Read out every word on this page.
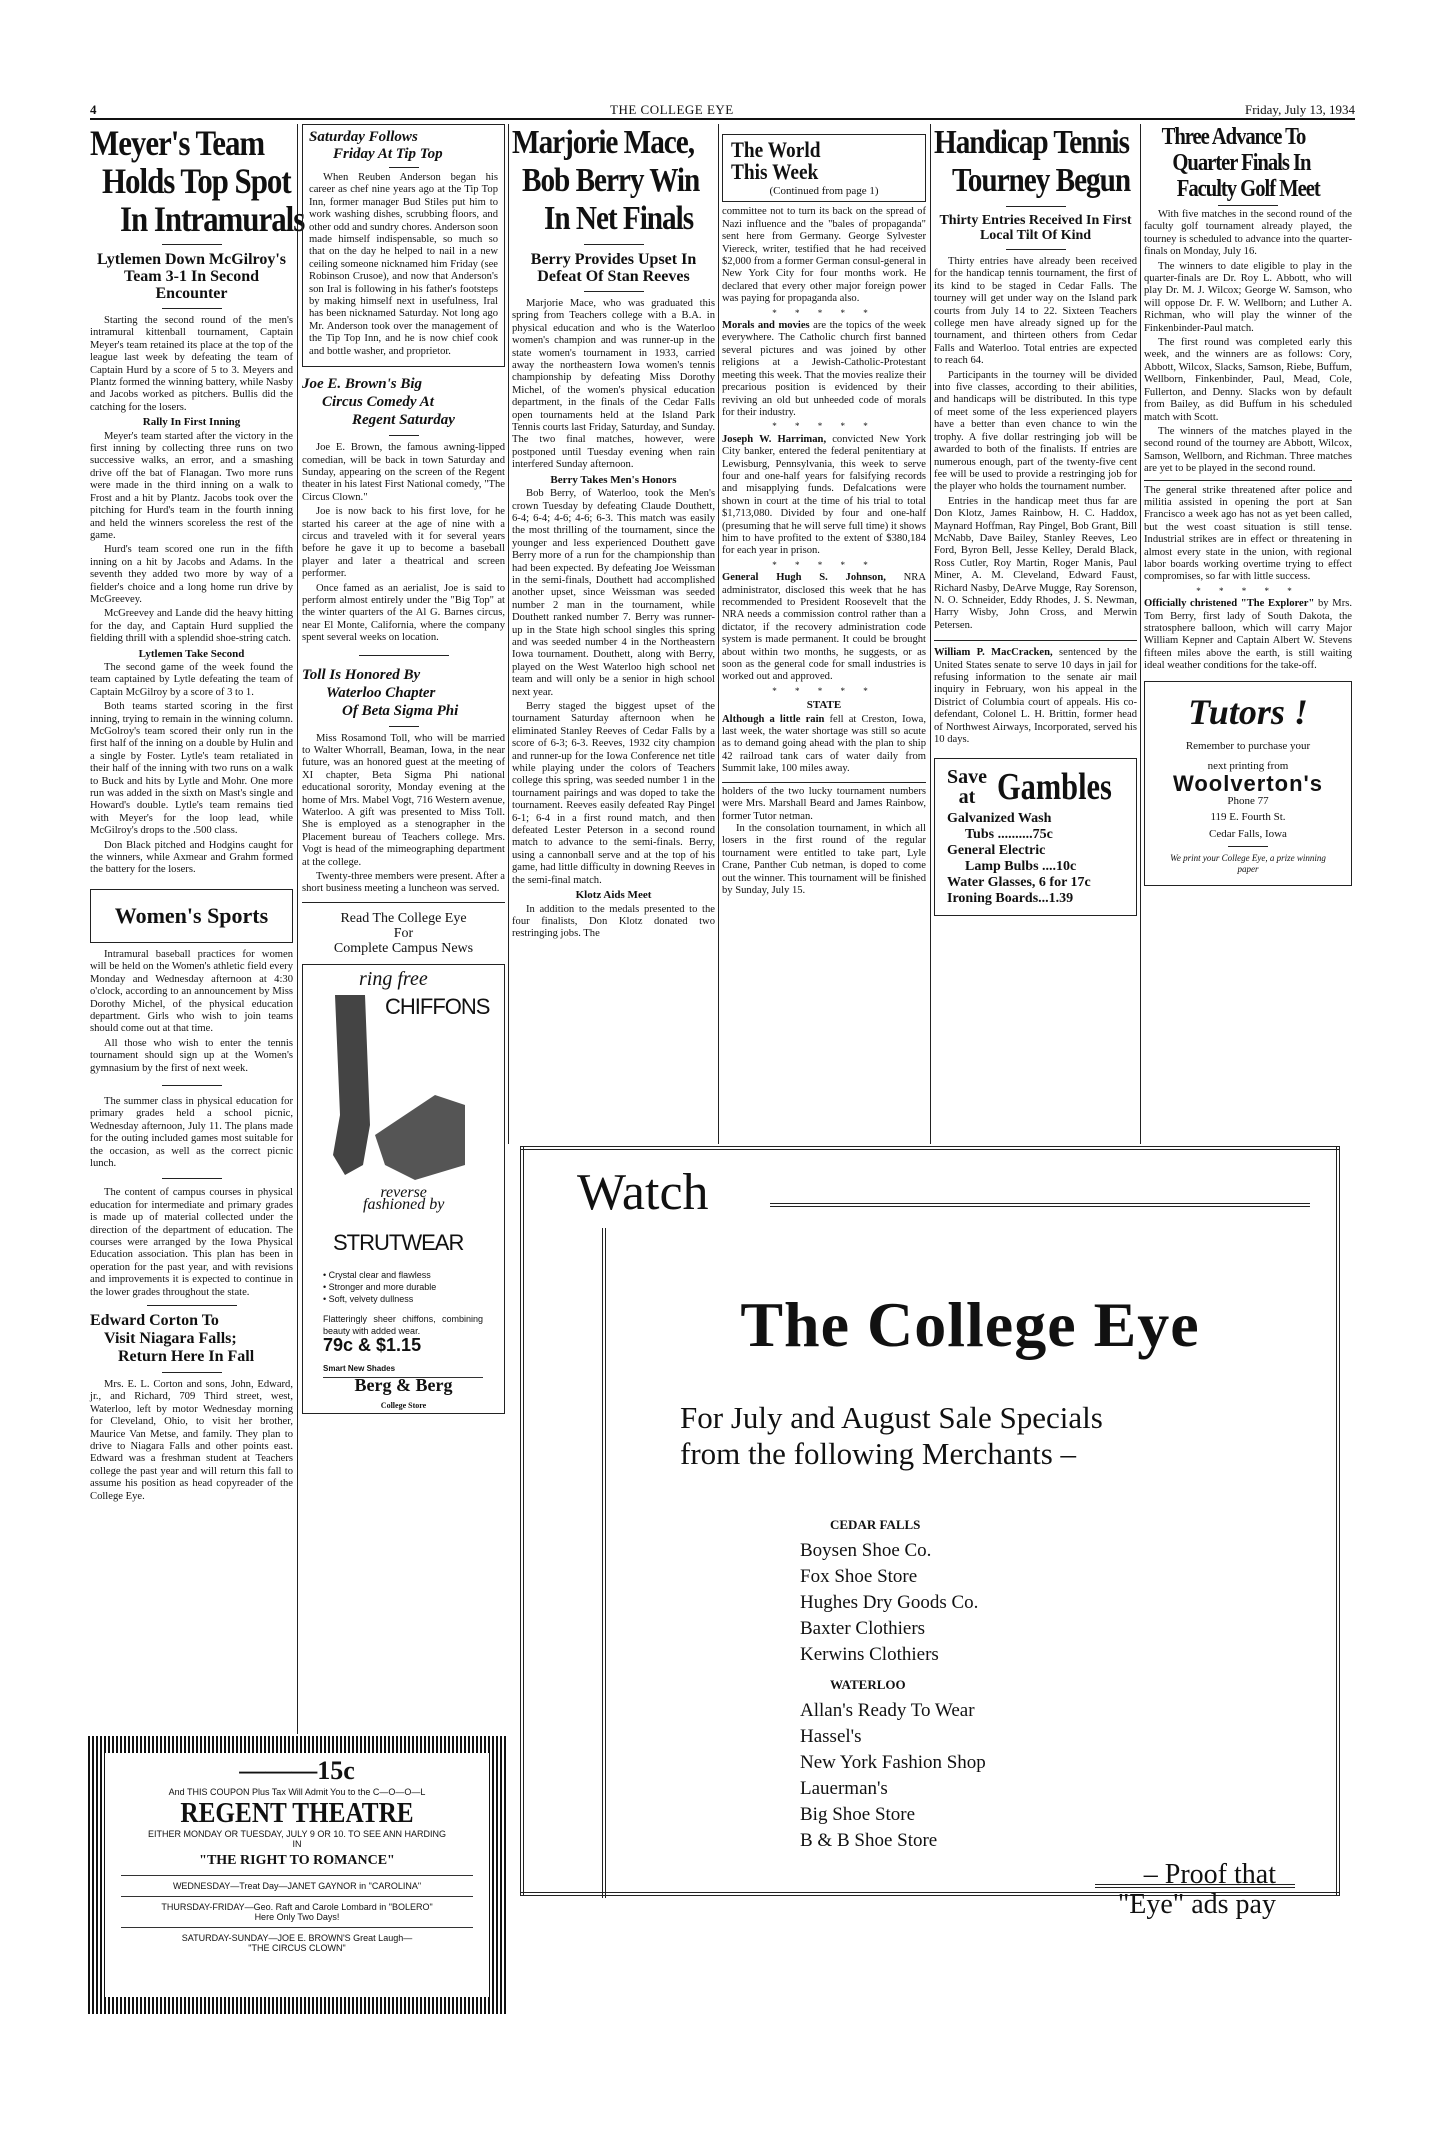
4	THE COLLEGE EYE	Friday, July 13, 1934
Meyer's Team
Holds Top Spot
In Intramurals
Lytlemen Down McGilroy's Team 3-1 In Second Encounter

Starting the second round of the men's intramural kittenball tournament, Captain Meyer's team retained its place at the top of the league last week by defeating the team of Captain Hurd by a score of 5 to 3. Meyers and Plantz formed the winning battery, while Nasby and Jacobs worked as pitchers. Bullis did the catching for the losers.

Rally In First Inning

Meyer's team started after the victory in the first inning by collecting three runs on two successive walks, an error, and a smashing drive off the bat of Flanagan. Two more runs were made in the third inning on a walk to Frost and a hit by Plantz. Jacobs took over the pitching for Hurd's team in the fourth inning and held the winners scoreless the rest of the game.

Hurd's team scored one run in the fifth inning on a hit by Jacobs and Adams. In the seventh they added two more by way of a fielder's choice and a long home run drive by McGreevey.

McGreevey and Lande did the heavy hitting for the day, and Captain Hurd supplied the fielding thrill with a splendid shoe-string catch.

Lytlemen Take Second

The second game of the week found the team captained by Lytle defeating the team of Captain McGilroy by a score of 3 to 1.

Both teams started scoring in the first inning, trying to remain in the winning column. McGolroy's team scored their only run in the first half of the inning on a double by Hulin and a single by Foster. Lytle's team retaliated in their half of the inning with two runs on a walk to Buck and hits by Lytle and Mohr. One more run was added in the sixth on Mast's single and Howard's double. Lytle's team remains tied with Meyer's for the loop lead, while McGilroy's drops to the .500 class.

Don Black pitched and Hodgins caught for the winners, while Axmear and Grahm formed the battery for the losers.

Women's Sports

Intramural baseball practices for women will be held on the Women's athletic field every Monday and Wednesday afternoon at 4:30 o'clock, according to an announcement by Miss Dorothy Michel, of the physical education department. Girls who wish to join teams should come out at that time.

All those who wish to enter the tennis tournament should sign up at the Women's gymnasium by the first of next week.

The summer class in physical education for primary grades held a school picnic, Wednesday afternoon, July 11. The plans made for the outing included games most suitable for the occasion, as well as the correct picnic lunch.

The content of campus courses in physical education for intermediate and primary grades is made up of material collected under the direction of the department of education. The courses were arranged by the Iowa Physical Education association. This plan has been in operation for the past year, and with revisions and improvements it is expected to continue in the lower grades throughout the state.

Edward Corton To
Visit Niagara Falls;
Return Here In Fall

Mrs. E. L. Corton and sons, John, Edward, jr., and Richard, 709 Third street, west, Waterloo, left by motor Wednesday morning for Cleveland, Ohio, to visit her brother, Maurice Van Metse, and family. They plan to drive to Niagara Falls and other points east. Edward was a freshman student at Teachers college the past year and will return this fall to assume his position as head copyreader of the College Eye.

Saturday Follows
Friday At Tip Top

When Reuben Anderson began his career as chef nine years ago at the Tip Top Inn, former manager Bud Stiles put him to work washing dishes, scrubbing floors, and other odd and sundry chores. Anderson soon made himself indispensable, so much so that on the day he helped to nail in a new ceiling someone nicknamed him Friday (see Robinson Crusoe), and now that Anderson's son Iral is following in his father's footsteps by making himself next in usefulness, Iral has been nicknamed Saturday. Not long ago Mr. Anderson took over the management of the Tip Top Inn, and he is now chief cook and bottle washer, and proprietor.

Joe E. Brown's Big
Circus Comedy At
Regent Saturday

Joe E. Brown, the famous awning-lipped comedian, will be back in town Saturday and Sunday, appearing on the screen of the Regent theater in his latest First National comedy, "The Circus Clown."

Joe is now back to his first love, for he started his career at the age of nine with a circus and traveled with it for several years before he gave it up to become a baseball player and later a theatrical and screen performer.

Once famed as an aerialist, Joe is said to perform almost entirely under the "Big Top" at the winter quarters of the Al G. Barnes circus, near El Monte, California, where the company spent several weeks on location.

Toll Is Honored By
Waterloo Chapter
Of Beta Sigma Phi

Miss Rosamond Toll, who will be married to Walter Whorrall, Beaman, Iowa, in the near future, was an honored guest at the meeting of XI chapter, Beta Sigma Phi national educational sorority, Monday evening at the home of Mrs. Mabel Vogt, 716 Western avenue, Waterloo. A gift was presented to Miss Toll. She is employed as a stenographer in the Placement bureau of Teachers college. Mrs. Vogt is head of the mimeographing department at the college.

Twenty-three members were present. After a short business meeting a luncheon was served.

Read The College Eye
For
Complete Campus News
ring free
CHIFFONS
reverse
fashioned by
STRUTWEAR
• Crystal clear and flawless
• Stronger and more durable
• Soft, velvety dullness
Flatteringly sheer chiffons, combining beauty with added wear.
79c & $1.15
Smart New Shades
Berg & Berg
College Store
Marjorie Mace,
Bob Berry Win
In Net Finals
Berry Provides Upset In Defeat Of Stan Reeves

Marjorie Mace, who was graduated this spring from Teachers college with a B.A. in physical education and who is the Waterloo women's champion and was runner-up in the state women's tournament in 1933, carried away the northeastern Iowa women's tennis championship by defeating Miss Dorothy Michel, of the women's physical education department, in the finals of the Cedar Falls open tournaments held at the Island Park Tennis courts last Friday, Saturday, and Sunday. The two final matches, however, were postponed until Tuesday evening when rain interfered Sunday afternoon.

Berry Takes Men's Honors

Bob Berry, of Waterloo, took the Men's crown Tuesday by defeating Claude Douthett, 6-4; 6-4; 4-6; 4-6; 6-3. This match was easily the most thrilling of the tournament, since the younger and less experienced Douthett gave Berry more of a run for the championship than had been expected. By defeating Joe Weissman in the semi-finals, Douthett had accomplished another upset, since Weissman was seeded number 2 man in the tournament, while Douthett ranked number 7. Berry was runner-up in the State high school singles this spring and was seeded number 4 in the Northeastern Iowa tournament. Douthett, along with Berry, played on the West Waterloo high school net team and will only be a senior in high school next year.

Berry staged the biggest upset of the tournament Saturday afternoon when he eliminated Stanley Reeves of Cedar Falls by a score of 6-3; 6-3. Reeves, 1932 city champion and runner-up for the Iowa Conference net title while playing under the colors of Teachers college this spring, was seeded number 1 in the tournament pairings and was doped to take the tournament. Reeves easily defeated Ray Pingel 6-1; 6-4 in a first round match, and then defeated Lester Peterson in a second round match to advance to the semi-finals. Berry, using a cannonball serve and at the top of his game, had little difficulty in downing Reeves in the semi-final match.

Klotz Aids Meet

In addition to the medals presented to the four finalists, Don Klotz donated two restringing jobs. The

The World
This Week
(Continued from page 1)

committee not to turn its back on the spread of Nazi influence and the "bales of propaganda" sent here from Germany. George Sylvester Viereck, writer, testified that he had received $2,000 from a former German consul-general in New York City for four months work. He declared that every other major foreign power was paying for propaganda also.

* * * * *

Morals and movies are the topics of the week everywhere. The Catholic church first banned several pictures and was joined by other religions at a Jewish-Catholic-Protestant meeting this week. That the movies realize their precarious position is evidenced by their reviving an old but unheeded code of morals for their industry.

* * * * *

Joseph W. Harriman, convicted New York City banker, entered the federal penitentiary at Lewisburg, Pennsylvania, this week to serve four and one-half years for falsifying records and misapplying funds. Defalcations were shown in court at the time of his trial to total $1,713,080. Divided by four and one-half (presuming that he will serve full time) it shows him to have profited to the extent of $380,184 for each year in prison.

* * * * *

General Hugh S. Johnson, NRA administrator, disclosed this week that he has recommended to President Roosevelt that the NRA needs a commission control rather than a dictator, if the recovery administration code system is made permanent. It could be brought about within two months, he suggests, or as soon as the general code for small industries is worked out and approved.

* * * * *
STATE

Although a little rain fell at Creston, Iowa, last week, the water shortage was still so acute as to demand going ahead with the plan to ship 42 railroad tank cars of water daily from Summit lake, 100 miles away.

holders of the two lucky tournament numbers were Mrs. Marshall Beard and James Rainbow, former Tutor netman.

In the consolation tournament, in which all losers in the first round of the regular tournament were entitled to take part, Lyle Crane, Panther Cub netman, is doped to come out the winner. This tournament will be finished by Sunday, July 15.

Handicap Tennis
Tourney Begun
Thirty Entries Received In First Local Tilt Of Kind

Thirty entries have already been received for the handicap tennis tournament, the first of its kind to be staged in Cedar Falls. The tourney will get under way on the Island park courts from July 14 to 22. Sixteen Teachers college men have already signed up for the tournament, and thirteen others from Cedar Falls and Waterloo. Total entries are expected to reach 64.

Participants in the tourney will be divided into five classes, according to their abilities, and handicaps will be distributed. In this type of meet some of the less experienced players have a better than even chance to win the trophy. A five dollar restringing job will be awarded to both of the finalists. If entries are numerous enough, part of the twenty-five cent fee will be used to provide a restringing job for the player who holds the tournament number.

Entries in the handicap meet thus far are Don Klotz, James Rainbow, H. C. Haddox, Maynard Hoffman, Ray Pingel, Bob Grant, Bill McNabb, Dave Bailey, Stanley Reeves, Leo Ford, Byron Bell, Jesse Kelley, Derald Black, Ross Cutler, Roy Martin, Roger Manis, Paul Miner, A. M. Cleveland, Edward Faust, Richard Nasby, DeArve Mugge, Ray Sorenson, N. O. Schneider, Eddy Rhodes, J. S. Newman, Harry Wisby, John Cross, and Merwin Petersen.

William P. MacCracken, sentenced by the United States senate to serve 10 days in jail for refusing information to the senate air mail inquiry in February, won his appeal in the District of Columbia court of appeals. His co-defendant, Colonel L. H. Brittin, former head of Northwest Airways, Incorporated, served his 10 days.

Save
at Gambles
Galvanized Wash
Tubs ..........75c
General Electric
Lamp Bulbs ....10c
Water Glasses, 6 for 17c
Ironing Boards...1.39
Three Advance To
Quarter Finals In
Faculty Golf Meet

With five matches in the second round of the faculty golf tournament already played, the tourney is scheduled to advance into the quarter-finals on Monday, July 16.

The winners to date eligible to play in the quarter-finals are Dr. Roy L. Abbott, who will play Dr. M. J. Wilcox; George W. Samson, who will oppose Dr. F. W. Wellborn; and Luther A. Richman, who will play the winner of the Finkenbinder-Paul match.

The first round was completed early this week, and the winners are as follows: Cory, Abbott, Wilcox, Slacks, Samson, Riebe, Buffum, Wellborn, Finkenbinder, Paul, Mead, Cole, Fullerton, and Denny. Slacks won by default from Bailey, as did Buffum in his scheduled match with Scott.

The winners of the matches played in the second round of the tourney are Abbott, Wilcox, Samson, Wellborn, and Richman. Three matches are yet to be played in the second round.

The general strike threatened after police and militia assisted in opening the port at San Francisco a week ago has not as yet been called, but the west coast situation is still tense. Industrial strikes are in effect or threatening in almost every state in the union, with regional labor boards working overtime trying to effect compromises, so far with little success.

* * * * *

Officially christened "The Explorer" by Mrs. Tom Berry, first lady of South Dakota, the stratosphere balloon, which will carry Major William Kepner and Captain Albert W. Stevens fifteen miles above the earth, is still waiting ideal weather conditions for the take-off.

Tutors !
Remember to purchase your
next printing from
Woolverton's
Phone 77
119 E. Fourth St.
Cedar Falls, Iowa
We print your College Eye, a prize winning paper
———15c
And THIS COUPON Plus Tax Will Admit You to the C—O—O—L
REGENT THEATRE
EITHER MONDAY OR TUESDAY, JULY 9 OR 10. TO SEE ANN HARDING IN
"THE RIGHT TO ROMANCE"
WEDNESDAY—Treat Day—JANET GAYNOR in "CAROLINA"
THURSDAY-FRIDAY—Geo. Raft and Carole Lombard in "BOLERO"
Here Only Two Days!
SATURDAY-SUNDAY—JOE E. BROWN'S Great Laugh—
"THE CIRCUS CLOWN"
Watch
The College Eye
For July and August Sale Specials
from the following Merchants –
CEDAR FALLS
Boysen Shoe Co.
Fox Shoe Store
Hughes Dry Goods Co.
Baxter Clothiers
Kerwins Clothiers
WATERLOO
Allan's Ready To Wear
Hassel's
New York Fashion Shop
Lauerman's
Big Shoe Store
B & B Shoe Store
– Proof that
"Eye" ads pay
